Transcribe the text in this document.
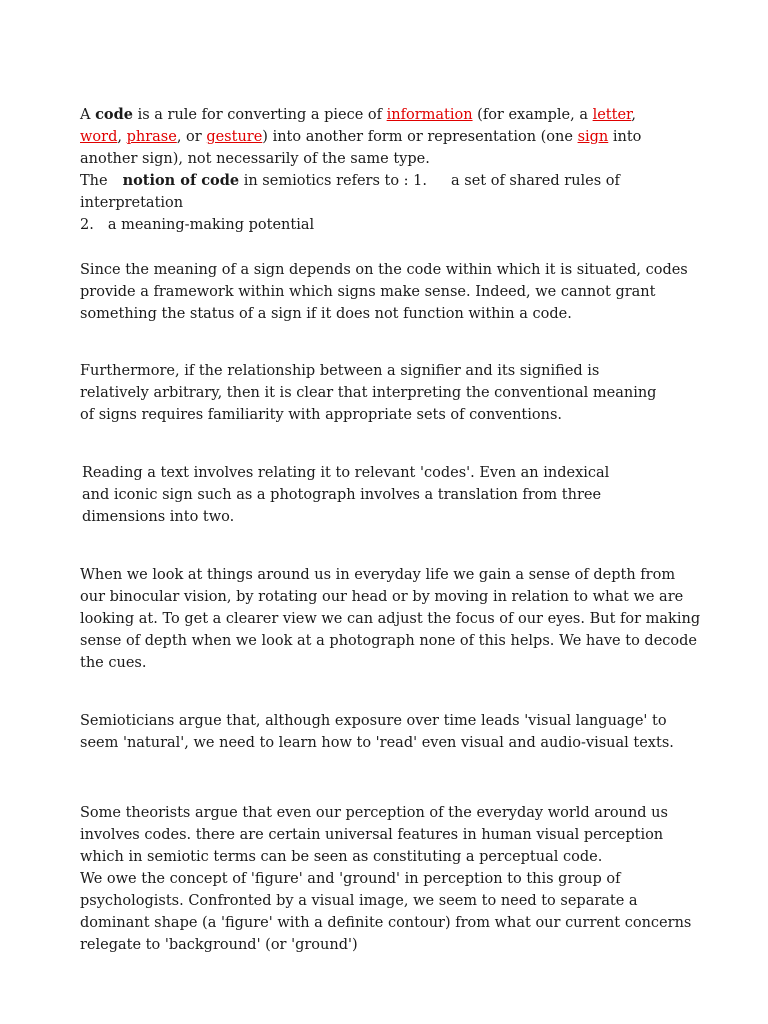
A code is a rule for converting a piece of information (for example, a letter,
word, phrase, or gesture) into another form or representation (one sign into
another sign), not necessarily of the same type.
The notion of code in semiotics refers to : 1. a set of shared rules of
interpretation
2. a meaning-making potential
Since the meaning of a sign depends on the code within which it is situated, codes
provide a framework within which signs make sense. Indeed, we cannot grant
something the status of a sign if it does not function within a code.
Furthermore, if the relationship between a signifier and its signified is
relatively arbitrary, then it is clear that interpreting the conventional meaning
of signs requires familiarity with appropriate sets of conventions.
Reading a text involves relating it to relevant 'codes'. Even an indexical
and iconic sign such as a photograph involves a translation from three
dimensions into two.
When we look at things around us in everyday life we gain a sense of depth from
our binocular vision, by rotating our head or by moving in relation to what we are
looking at. To get a clearer view we can adjust the focus of our eyes. But for making
sense of depth when we look at a photograph none of this helps. We have to decode
the cues.
Semioticians argue that, although exposure over time leads 'visual language' to
seem 'natural', we need to learn how to 'read' even visual and audio-visual texts.
Some theorists argue that even our perception of the everyday world around us
involves codes. there are certain universal features in human visual perception
which in semiotic terms can be seen as constituting a perceptual code.
We owe the concept of 'figure' and 'ground' in perception to this group of
psychologists. Confronted by a visual image, we seem to need to separate a
dominant shape (a 'figure' with a definite contour) from what our current concerns
relegate to 'background' (or 'ground')
